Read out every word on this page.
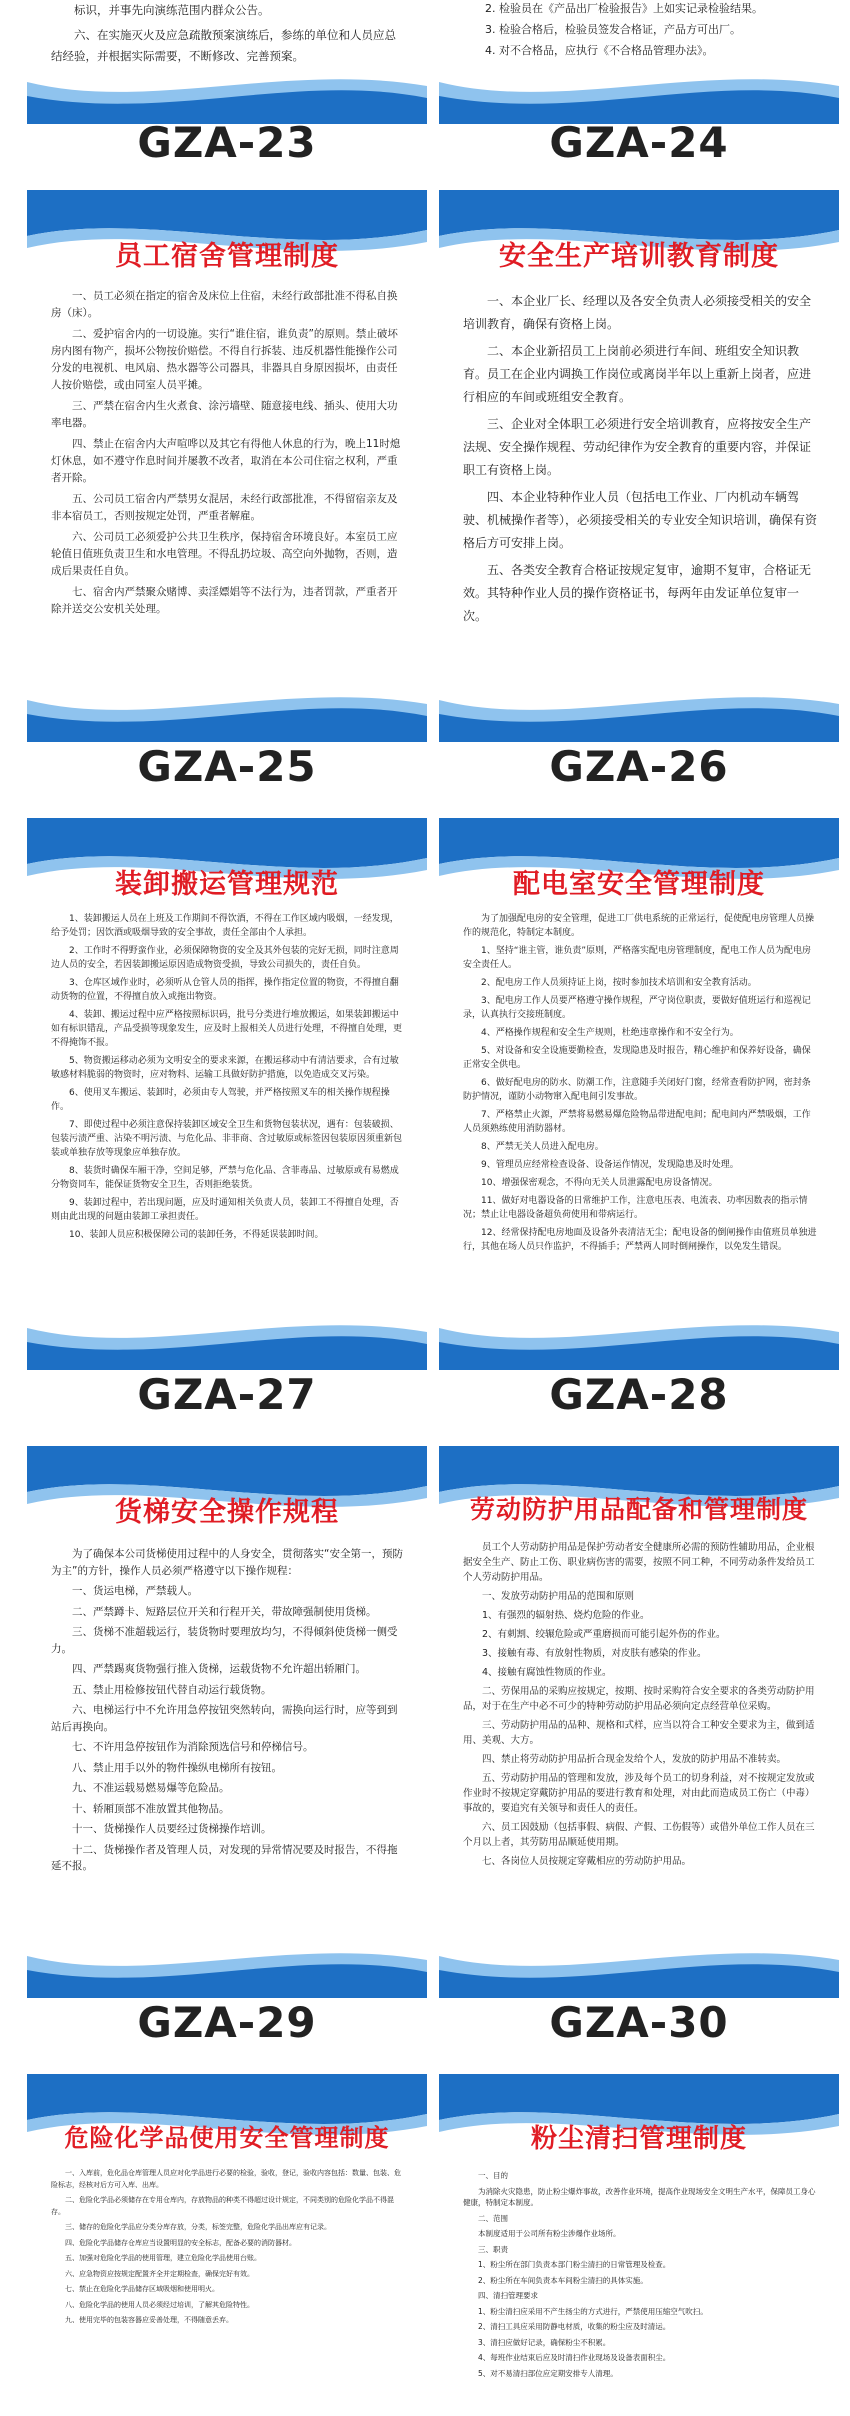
标识，并事先向演练范围内群众公告。

六、在实施灭火及应急疏散预案演练后，参练的单位和人员应总结经验，并根据实际需要，不断修改、完善预案。

GZA-23

2. 检验员在《产品出厂检验报告》上如实记录检验结果。

3. 检验合格后，检验员签发合格证，产品方可出厂。

4. 对不合格品，应执行《不合格品管理办法》。

GZA-24
员工宿舍管理制度

一、员工必须在指定的宿舍及床位上住宿，未经行政部批准不得私自换房（床）。

二、爱护宿舍内的一切设施。实行“谁住宿，谁负责”的原则。禁止破坏房内图有物产，损坏公物按价赔偿。不得自行拆装、违反机器性能操作公司分发的电视机、电风扇、热水器等公司器具，非器具自身原因损坏，由责任人按价赔偿，或由同室人员平摊。

三、严禁在宿舍内生火煮食、涂污墙壁、随意接电线、插头、使用大功率电器。

四、禁止在宿舍内大声喧哗以及其它有得他人休息的行为，晚上11时熄灯休息，如不遵守作息时间并屡教不改者，取消在本公司住宿之权利，严重者开除。

五、公司员工宿舍内严禁男女混居，未经行政部批准，不得留宿亲友及非本宿员工，否则按规定处罚，严重者解雇。

六、公司员工必须爱护公共卫生秩序，保持宿舍环境良好。本室员工应轮值日值班负责卫生和水电管理。不得乱扔垃圾、高空向外抛物，否则，造成后果责任自负。

七、宿舍内严禁聚众赌博、卖淫嫖娼等不法行为，违者罚款，严重者开除并送交公安机关处理。

GZA-25
安全生产培训教育制度

一、本企业厂长、经理以及各安全负责人必须接受相关的安全培训教育，确保有资格上岗。

二、本企业新招员工上岗前必须进行车间、班组安全知识教育。员工在企业内调换工作岗位或离岗半年以上重新上岗者，应进行相应的车间或班组安全教育。

三、企业对全体职工必须进行安全培训教育，应将按安全生产法规、安全操作规程、劳动纪律作为安全教育的重要内容，并保证职工有资格上岗。

四、本企业特种作业人员（包括电工作业、厂内机动车辆驾驶、机械操作者等），必须接受相关的专业安全知识培训，确保有资格后方可安排上岗。

五、各类安全教育合格证按规定复审，逾期不复审，合格证无效。其特种作业人员的操作资格证书，每两年由发证单位复审一次。

GZA-26
装卸搬运管理规范

1、装卸搬运人员在上班及工作期间不得饮酒，不得在工作区域内吸烟，一经发现，给予处罚；因饮酒或吸烟导致的安全事故，责任全部由个人承担。

2、工作时不得野蛮作业，必须保障物资的安全及其外包装的完好无损，同时注意周边人员的安全，若因装卸搬运原因造成物资受损，导致公司损失的，责任自负。

3、仓库区域作业时，必须听从仓管人员的指挥，操作指定位置的物资，不得擅自翻动货物的位置，不得擅自放入或拖出物资。

4、装卸、搬运过程中应严格按照标识码，批号分类进行堆放搬运，如果装卸搬运中如有标识错乱，产品受损等现象发生，应及时上报相关人员进行处理，不得擅自处理，更不得掩饰不报。

5、物资搬运移动必须为文明安全的要求来源，在搬运移动中有清洁要求，合有过敏敏感材料脆弱的物资时，应对物料、运输工具做好防护措施，以免造成交叉污染。

6、使用叉车搬运、装卸时，必须由专人驾驶，并严格按照叉车的相关操作规程操作。

7、即使过程中必须注意保持装卸区域安全卫生和货物包装状况，遇有：包装破损、包装污渍严重、沾染不明污渍、与危化品、非菲商、含过敏原或标签因包装原因须重新包装或单独存放等现象应单独存放。

8、装货时确保车厢干净，空间足够，严禁与危化品、含菲毒品、过敏原或有易燃成分物资同车，能保证货物安全卫生，否则拒绝装货。

9、装卸过程中，若出现问题，应及时通知相关负责人员，装卸工不得擅自处理，否则由此出现的问题由装卸工承担责任。

10、装卸人员应积极保障公司的装卸任务，不得延误装卸时间。

GZA-27
配电室安全管理制度

为了加强配电房的安全管理，促进工厂供电系统的正常运行，促使配电房管理人员操作的规范化，特制定本制度。

1、坚持“谁主管，谁负责”原则，严格落实配电房管理制度，配电工作人员为配电房安全责任人。

2、配电房工作人员须持证上岗，按时参加技术培训和安全教育活动。

3、配电房工作人员要严格遵守操作规程，严守岗位职责，要做好值班运行和巡视记录，认真执行交接班制度。

4、严格操作规程和安全生产规则，杜绝违章操作和不安全行为。

5、对设备和安全设施要勤检查，发现隐患及时报告，精心维护和保养好设备，确保正常安全供电。

6、做好配电房的防水、防潮工作，注意随手关闭好门窗，经常查看防护网，密封条防护情况，谨防小动物窜入配电间引发事故。

7、严格禁止火源，严禁将易燃易爆危险物品带进配电间；配电间内严禁吸烟，工作人员须熟练使用消防器材。

8、严禁无关人员进入配电房。

9、管理员应经常检查设备、设备运作情况，发现隐患及时处理。

10、增强保密观念，不得向无关人员泄露配电房设备情况。

11、做好对电器设备的日常维护工作，注意电压表、电流表、功率因数表的指示情况；禁止让电器设备超负荷使用和带病运行。

12、经常保持配电房地面及设备外表清洁无尘；配电设备的倒闸操作由值班员单独进行，其他在场人员只作监护，不得插手；严禁两人同时倒闸操作，以免发生错误。

GZA-28
货梯安全操作规程

为了确保本公司货梯使用过程中的人身安全，贯彻落实“安全第一，预防为主”的方针，操作人员必须严格遵守以下操作规程：

一、货运电梯，严禁载人。

二、严禁蹲卡、短路层位开关和行程开关，带故障强制使用货梯。

三、货梯不准超载运行，装货物时要理放均匀，不得倾斜使货梯一侧受力。

四、严禁踢爽货物强行推入货梯，运载货物不允许超出轿厢门。

五、禁止用检修按钮代替自动运行载货物。

六、电梯运行中不允许用急停按钮突然转向，需换向运行时，应等到到站后再换向。

七、不许用急停按钮作为消除预选信号和停梯信号。

八、禁止用手以外的物件操纵电梯所有按钮。

九、不准运载易燃易爆等危险品。

十、轿厢顶部不准放置其他物品。

十一、货梯操作人员要经过货梯操作培训。

十二、货梯操作者及管理人员，对发现的异常情况要及时报告，不得拖延不报。

GZA-29
劳动防护用品配备和管理制度

员工个人劳动防护用品是保护劳动者安全健康所必需的预防性辅助用品，企业根据安全生产、防止工伤、职业病伤害的需要，按照不同工种，不同劳动条件发给员工个人劳动防护用品。

一、发放劳动防护用品的范围和原则

1、有强烈的辐射热、烧灼危险的作业。

2、有刺割、绞辗危险或严重磨损而可能引起外伤的作业。

3、接触有毒、有放射性物质，对皮肤有感染的作业。

4、接触有腐蚀性物质的作业。

二、劳保用品的采购应按规定，按期、按时采购符合安全要求的各类劳动防护用品，对于在生产中必不可少的特种劳动防护用品必须向定点经营单位采购。

三、劳动防护用品的品种、规格和式样，应当以符合工种安全要求为主，做到适用、美观、大方。

四、禁止将劳动防护用品折合现金发给个人，发放的防护用品不准转卖。

五、劳动防护用品的管理和发放，涉及每个员工的切身利益，对不按规定发放或作业时不按规定穿戴防护用品的要进行教育和处理，对由此而造成员工伤亡（中毒）事故的，要追究有关领导和责任人的责任。

六、员工因鼓励（包括事假、病假、产假、工伤假等）或借外单位工作人员在三个月以上者，其劳防用品顺延使用期。

七、各岗位人员按规定穿戴相应的劳动防护用品。

GZA-30
危险化学品使用安全管理制度

一、入库前，危化品仓库管理人员应对化学品进行必要的检验，验收，登记，验收内容包括：数量、包装、危险标志，经核对后方可入库、出库。

二、危险化学品必须储存在专用仓库内，存放物品的种类不得超过设计规定，不同类别的危险化学品不得混存。

三、储存的危险化学品应分类分库存放，分类，标签完整，危险化学品出库应有记录。

四、危险化学品储存仓库应当设置明显的安全标志，配备必要的消防器材。

五、加强对危险化学品的使用管理，建立危险化学品使用台账。

六、应急物资应按规定配置齐全并定期检查，确保完好有效。

七、禁止在危险化学品储存区域吸烟和使用明火。

八、危险化学品的使用人员必须经过培训，了解其危险特性。

九、使用完毕的包装容器应妥善处理，不得随意丢弃。

粉尘清扫管理制度

一、目的

为消除火灾隐患，防止粉尘爆炸事故，改善作业环境，提高作业现场安全文明生产水平，保障员工身心健康，特制定本制度。

二、范围

本制度适用于公司所有粉尘涉爆作业场所。

三、职责

1、粉尘所在部门负责本部门粉尘清扫的日常管理及检查。

2、粉尘所在车间负责本车间粉尘清扫的具体实施。

四、清扫管理要求

1、粉尘清扫应采用不产生扬尘的方式进行，严禁使用压缩空气吹扫。

2、清扫工具应采用防静电材质，收集的粉尘应及时清运。

3、清扫应做好记录，确保粉尘不积累。

4、每班作业结束后应及时清扫作业现场及设备表面积尘。

5、对不易清扫部位应定期安排专人清理。
